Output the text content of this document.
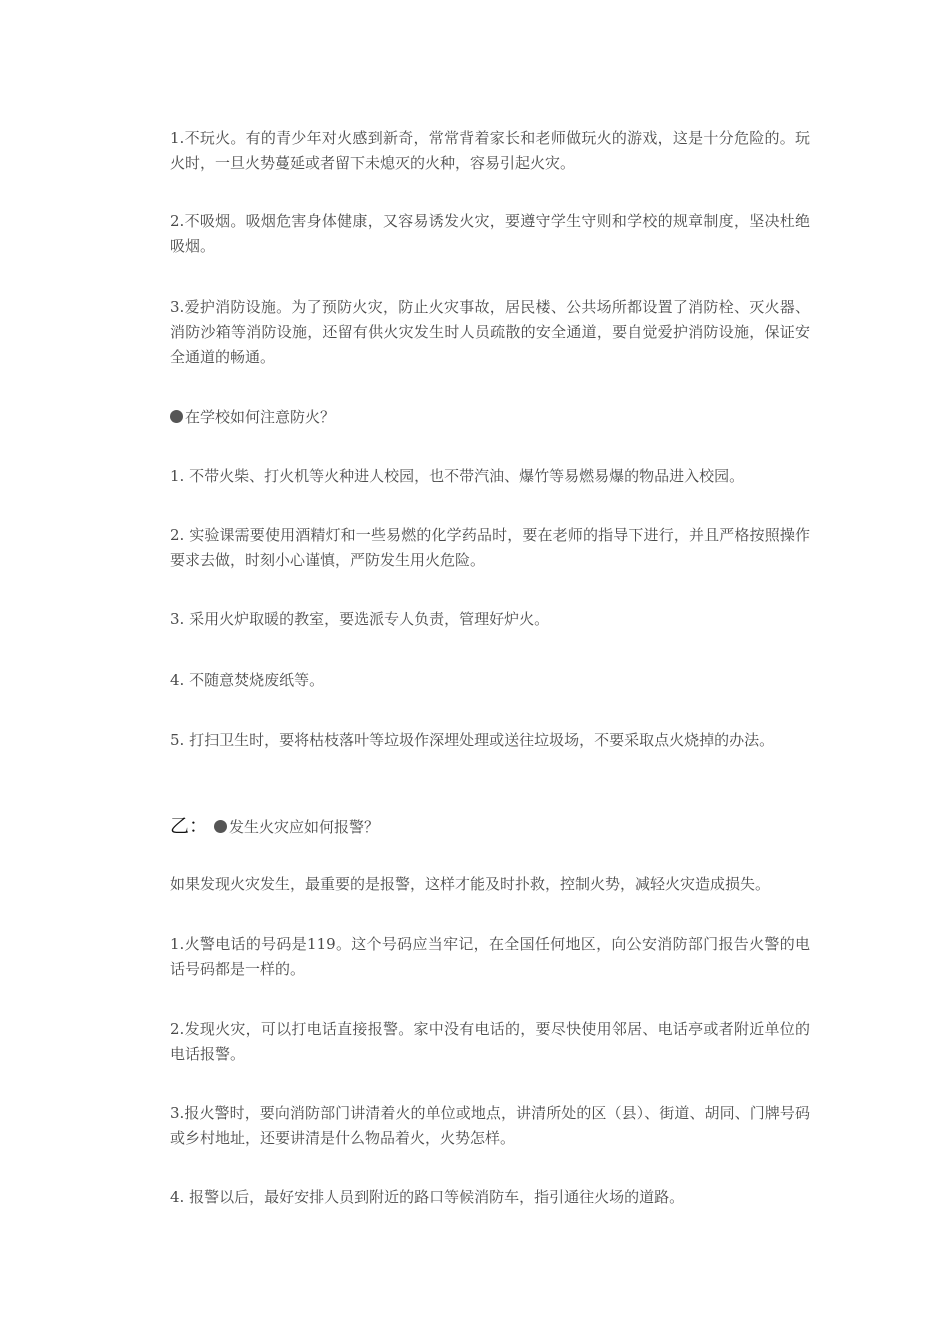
1.不玩火。有的青少年对火感到新奇，常常背着家长和老师做玩火的游戏，这是十分危险的。玩火时，一旦火势蔓延或者留下未熄灭的火种，容易引起火灾。

2.不吸烟。吸烟危害身体健康，又容易诱发火灾，要遵守学生守则和学校的规章制度，坚决杜绝吸烟。

3.爱护消防设施。为了预防火灾，防止火灾事故，居民楼、公共场所都设置了消防栓、灭火器、消防沙箱等消防设施，还留有供火灾发生时人员疏散的安全通道，要自觉爱护消防设施，保证安全通道的畅通。

在学校如何注意防火？

1. 不带火柴、打火机等火种进人校园，也不带汽油、爆竹等易燃易爆的物品进入校园。

2. 实验课需要使用酒精灯和一些易燃的化学药品时，要在老师的指导下进行，并且严格按照操作要求去做，时刻小心谨慎，严防发生用火危险。

3. 采用火炉取暖的教室，要选派专人负责，管理好炉火。

4. 不随意焚烧废纸等。

5. 打扫卫生时，要将枯枝落叶等垃圾作深埋处理或送往垃圾场，不要采取点火烧掉的办法。

乙： 发生火灾应如何报警？

如果发现火灾发生，最重要的是报警，这样才能及时扑救，控制火势，减轻火灾造成损失。

1.火警电话的号码是119。这个号码应当牢记，在全国任何地区，向公安消防部门报告火警的电话号码都是一样的。

2.发现火灾，可以打电话直接报警。家中没有电话的，要尽快使用邻居、电话亭或者附近单位的电话报警。

3.报火警时，要向消防部门讲清着火的单位或地点，讲清所处的区（县）、街道、胡同、门牌号码或乡村地址，还要讲清是什么物品着火，火势怎样。

4. 报警以后，最好安排人员到附近的路口等候消防车，指引通往火场的道路。
